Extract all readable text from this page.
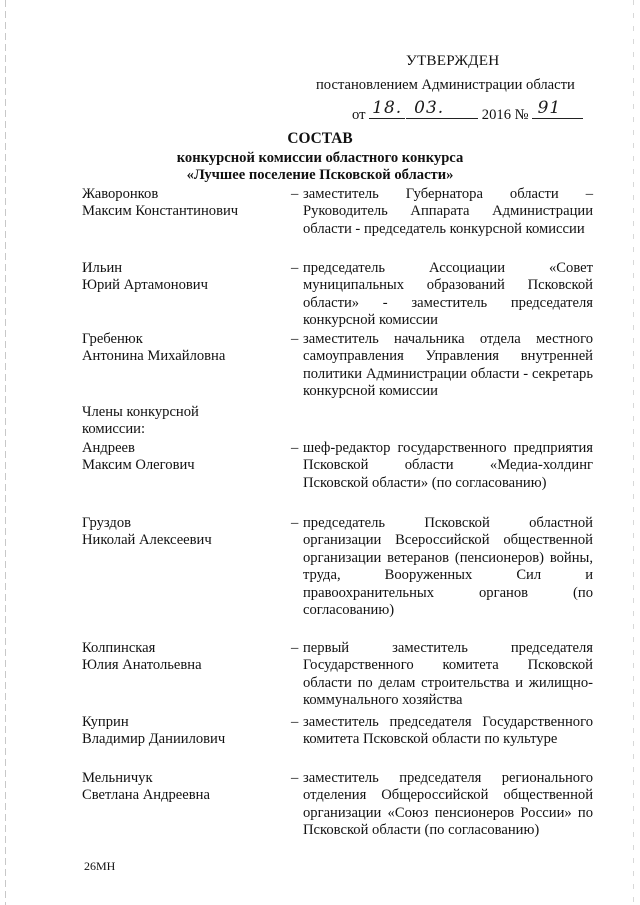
УТВЕРЖДЕН
постановлением Администрации области
от 18. 03.	2016 № 91
СОСТАВ
конкурсной комиссии областного конкурса
«Лучшее поселение Псковской области»
Жаворонков
Максим Константинович
– заместитель Губернатора области – Руководитель Аппарата Администрации области - председатель конкурсной комиссии
Ильин
Юрий Артамонович
– председатель Ассоциации «Совет муниципальных образований Псковской области» - заместитель председателя конкурсной комиссии
Гребенюк
Антонина Михайловна
– заместитель начальника отдела местного самоуправления Управления внутренней политики Администрации области - секретарь конкурсной комиссии
Члены конкурсной
комиссии:
Андреев
Максим Олегович
– шеф-редактор государственного предприятия Псковской области «Медиа-холдинг Псковской области» (по согласованию)
Груздов
Николай Алексеевич
– председатель Псковской областной организации Всероссийской общественной организации ветеранов (пенсионеров) войны, труда, Вооруженных Сил и правоохранительных органов (по согласованию)
Колпинская
Юлия Анатольевна
– первый заместитель председателя Государственного комитета Псковской области по делам строительства и жилищно-коммунального хозяйства
Куприн
Владимир Даниилович
– заместитель председателя Государственного комитета Псковской области по культуре
Мельничук
Светлана Андреевна
– заместитель председателя регионального отделения Общероссийской общественной организации «Союз пенсионеров России» по Псковской области (по согласованию)
26МН
